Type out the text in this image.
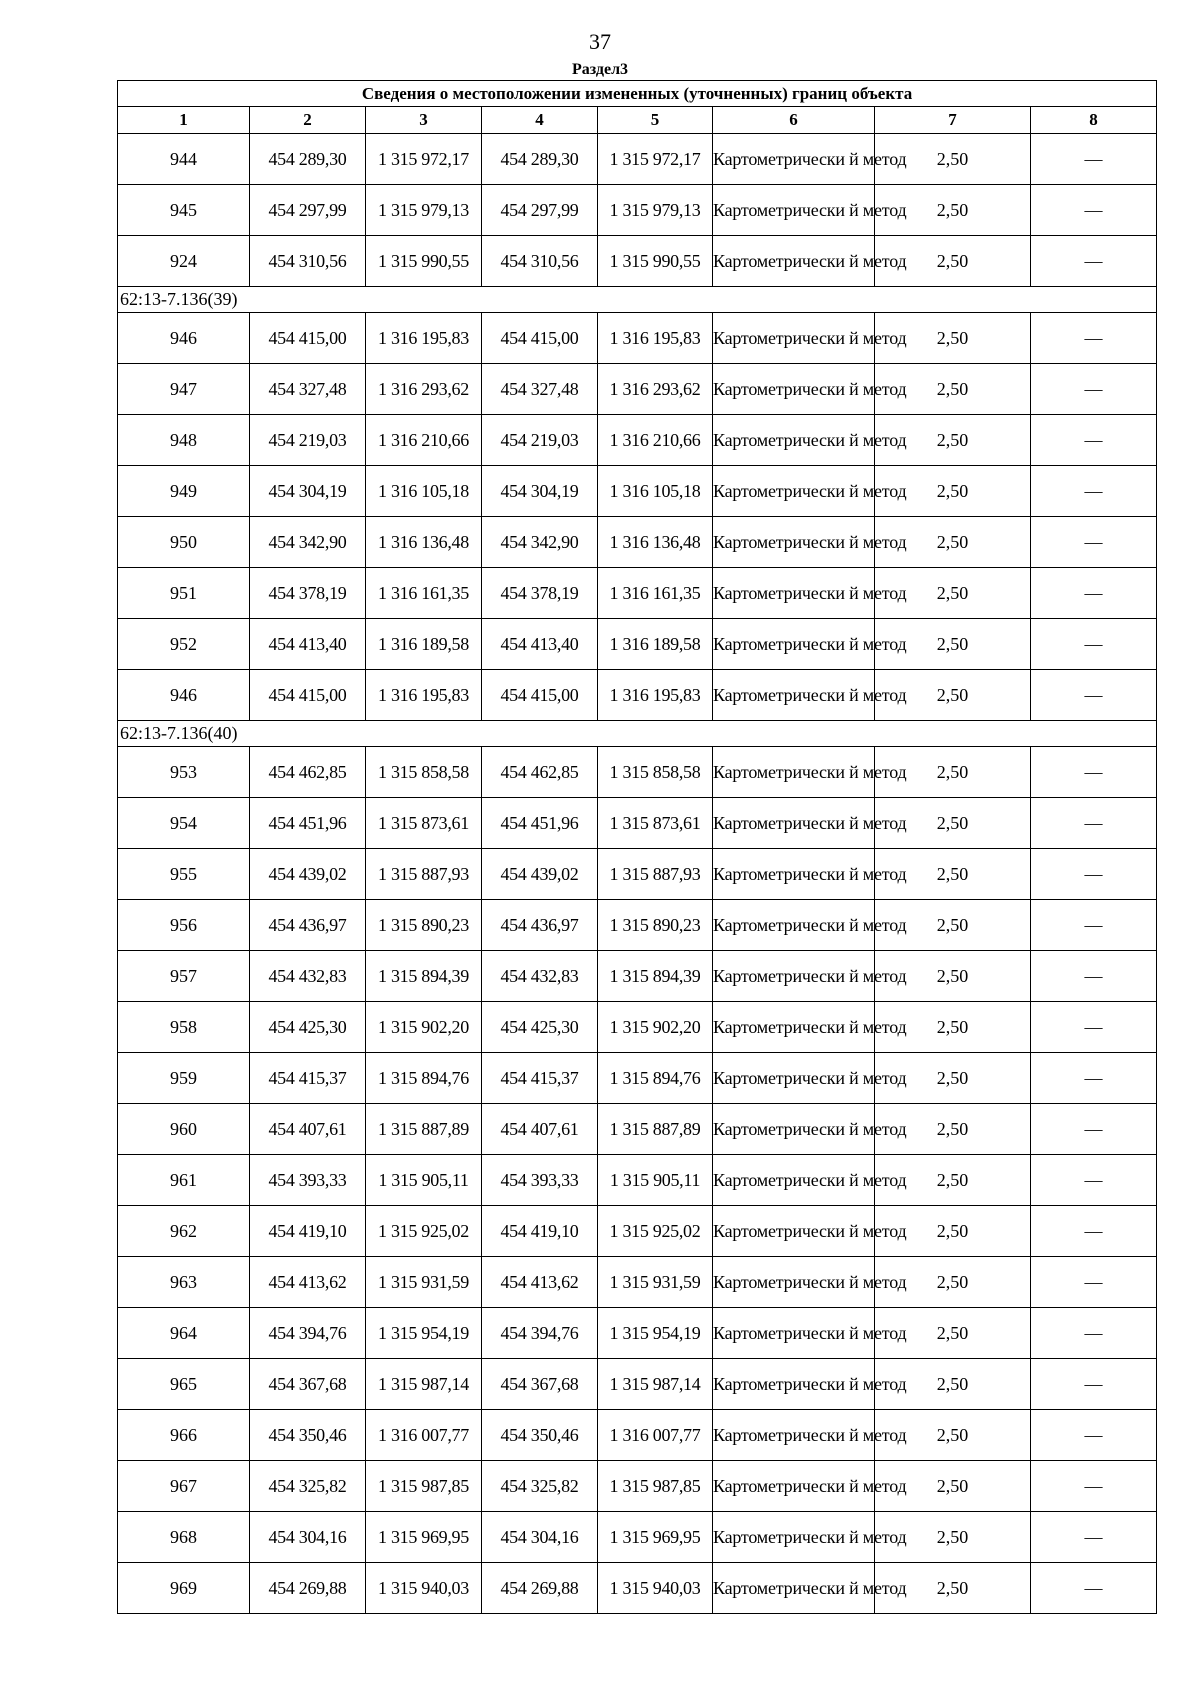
37
Раздел3
Сведения о местоположении измененных (уточненных) границ объекта							
1	2	3	4	5	6	7	8
944	454 289,30	1 315 972,17	454 289,30	1 315 972,17	Картометрически й метод	2,50	—
945	454 297,99	1 315 979,13	454 297,99	1 315 979,13	Картометрически й метод	2,50	—
924	454 310,56	1 315 990,55	454 310,56	1 315 990,55	Картометрически й метод	2,50	—
62:13-7.136(39)							
946	454 415,00	1 316 195,83	454 415,00	1 316 195,83	Картометрически й метод	2,50	—
947	454 327,48	1 316 293,62	454 327,48	1 316 293,62	Картометрически й метод	2,50	—
948	454 219,03	1 316 210,66	454 219,03	1 316 210,66	Картометрически й метод	2,50	—
949	454 304,19	1 316 105,18	454 304,19	1 316 105,18	Картометрически й метод	2,50	—
950	454 342,90	1 316 136,48	454 342,90	1 316 136,48	Картометрически й метод	2,50	—
951	454 378,19	1 316 161,35	454 378,19	1 316 161,35	Картометрически й метод	2,50	—
952	454 413,40	1 316 189,58	454 413,40	1 316 189,58	Картометрически й метод	2,50	—
946	454 415,00	1 316 195,83	454 415,00	1 316 195,83	Картометрически й метод	2,50	—
62:13-7.136(40)							
953	454 462,85	1 315 858,58	454 462,85	1 315 858,58	Картометрически й метод	2,50	—
954	454 451,96	1 315 873,61	454 451,96	1 315 873,61	Картометрически й метод	2,50	—
955	454 439,02	1 315 887,93	454 439,02	1 315 887,93	Картометрически й метод	2,50	—
956	454 436,97	1 315 890,23	454 436,97	1 315 890,23	Картометрически й метод	2,50	—
957	454 432,83	1 315 894,39	454 432,83	1 315 894,39	Картометрически й метод	2,50	—
958	454 425,30	1 315 902,20	454 425,30	1 315 902,20	Картометрически й метод	2,50	—
959	454 415,37	1 315 894,76	454 415,37	1 315 894,76	Картометрически й метод	2,50	—
960	454 407,61	1 315 887,89	454 407,61	1 315 887,89	Картометрически й метод	2,50	—
961	454 393,33	1 315 905,11	454 393,33	1 315 905,11	Картометрически й метод	2,50	—
962	454 419,10	1 315 925,02	454 419,10	1 315 925,02	Картометрически й метод	2,50	—
963	454 413,62	1 315 931,59	454 413,62	1 315 931,59	Картометрически й метод	2,50	—
964	454 394,76	1 315 954,19	454 394,76	1 315 954,19	Картометрически й метод	2,50	—
965	454 367,68	1 315 987,14	454 367,68	1 315 987,14	Картометрически й метод	2,50	—
966	454 350,46	1 316 007,77	454 350,46	1 316 007,77	Картометрически й метод	2,50	—
967	454 325,82	1 315 987,85	454 325,82	1 315 987,85	Картометрически й метод	2,50	—
968	454 304,16	1 315 969,95	454 304,16	1 315 969,95	Картометрически й метод	2,50	—
969	454 269,88	1 315 940,03	454 269,88	1 315 940,03	Картометрически й метод	2,50	—
